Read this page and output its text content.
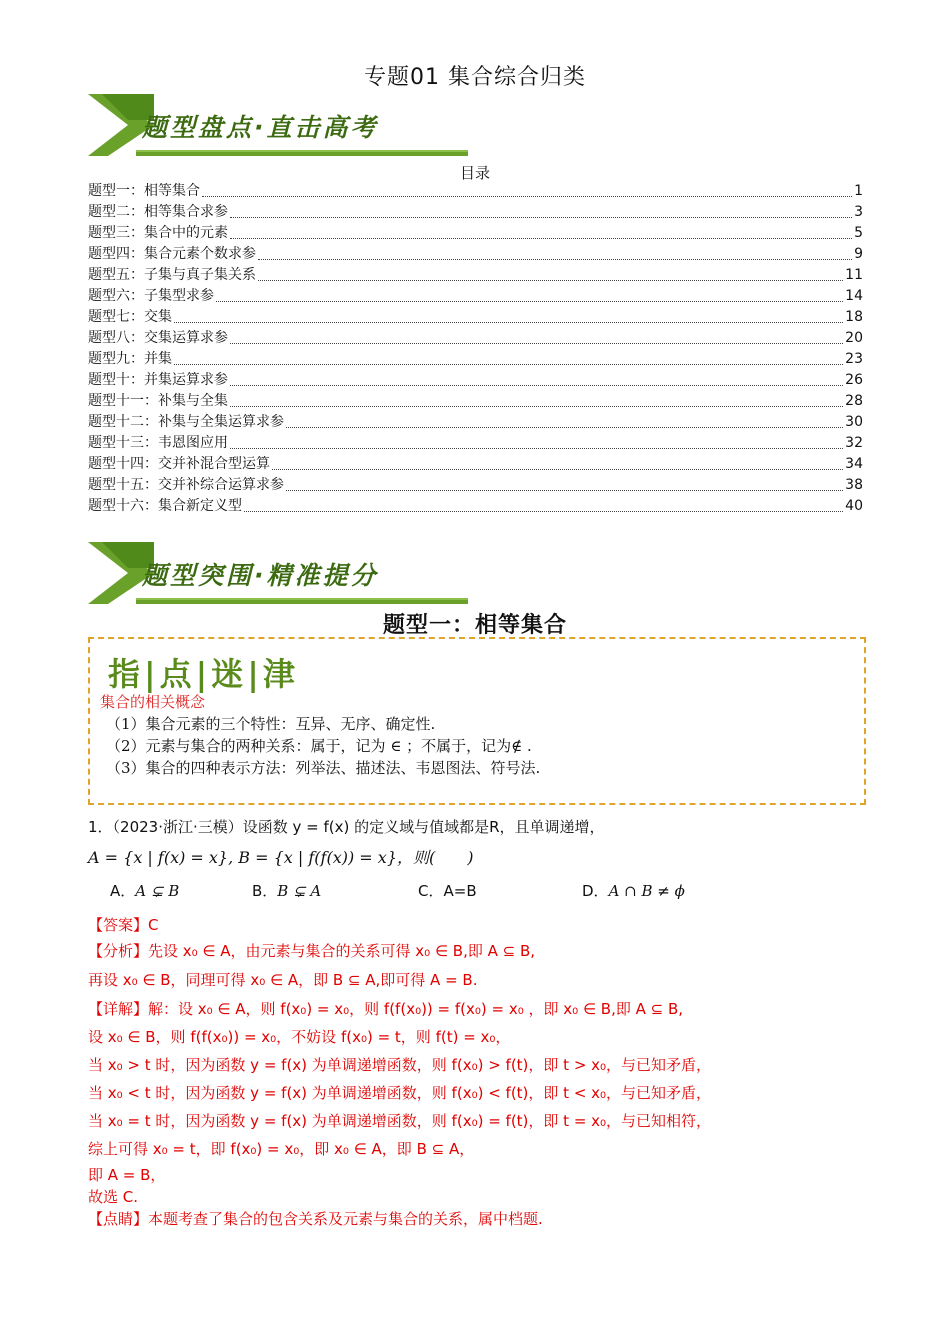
专题01 集合综合归类
题型盘点·直击高考
目录
题型一：相等集合	1
题型二：相等集合求参	3
题型三：集合中的元素	5
题型四：集合元素个数求参	9
题型五：子集与真子集关系	11
题型六：子集型求参	14
题型七：交集	18
题型八：交集运算求参	20
题型九：并集	23
题型十：并集运算求参	26
题型十一：补集与全集	28
题型十二：补集与全集运算求参	30
题型十三：韦恩图应用	32
题型十四：交并补混合型运算	34
题型十五：交并补综合运算求参	38
题型十六：集合新定义型	40
题型突围·精准提分
题型一：相等集合
指|点|迷|津
集合的相关概念
（1）集合元素的三个特性：互异、无序、确定性.
（2）元素与集合的两种关系：属于，记为 ∈ ；不属于，记为∉ .
（3）集合的四种表示方法：列举法、描述法、韦恩图法、符号法.
1．（2023·浙江·三模）设函数 y = f(x) 的定义域与值域都是R，且单调递增，
A = {x | f(x) = x}, B = {x | f(f(x)) = x}，则(　　)
A．A ⊊ B	B．B ⊊ A	C．A=B	D．A ∩ B ≠ ϕ
【答案】C
【分析】先设 x₀ ∈ A，由元素与集合的关系可得 x₀ ∈ B,即 A ⊆ B,
再设 x₀ ∈ B，同理可得 x₀ ∈ A，即 B ⊆ A,即可得 A = B.
【详解】解：设 x₀ ∈ A，则 f(x₀) = x₀，则 f(f(x₀)) = f(x₀) = x₀ ，即 x₀ ∈ B,即 A ⊆ B,
设 x₀ ∈ B，则 f(f(x₀)) = x₀，不妨设 f(x₀) = t，则 f(t) = x₀，
当 x₀ > t 时，因为函数 y = f(x) 为单调递增函数，则 f(x₀) > f(t)，即 t > x₀，与已知矛盾，
当 x₀ < t 时，因为函数 y = f(x) 为单调递增函数，则 f(x₀) < f(t)，即 t < x₀，与已知矛盾，
当 x₀ = t 时，因为函数 y = f(x) 为单调递增函数，则 f(x₀) = f(t)，即 t = x₀，与已知相符，
综上可得 x₀ = t，即 f(x₀) = x₀，即 x₀ ∈ A，即 B ⊆ A，
即 A = B，
故选 C.
【点睛】本题考查了集合的包含关系及元素与集合的关系，属中档题.
